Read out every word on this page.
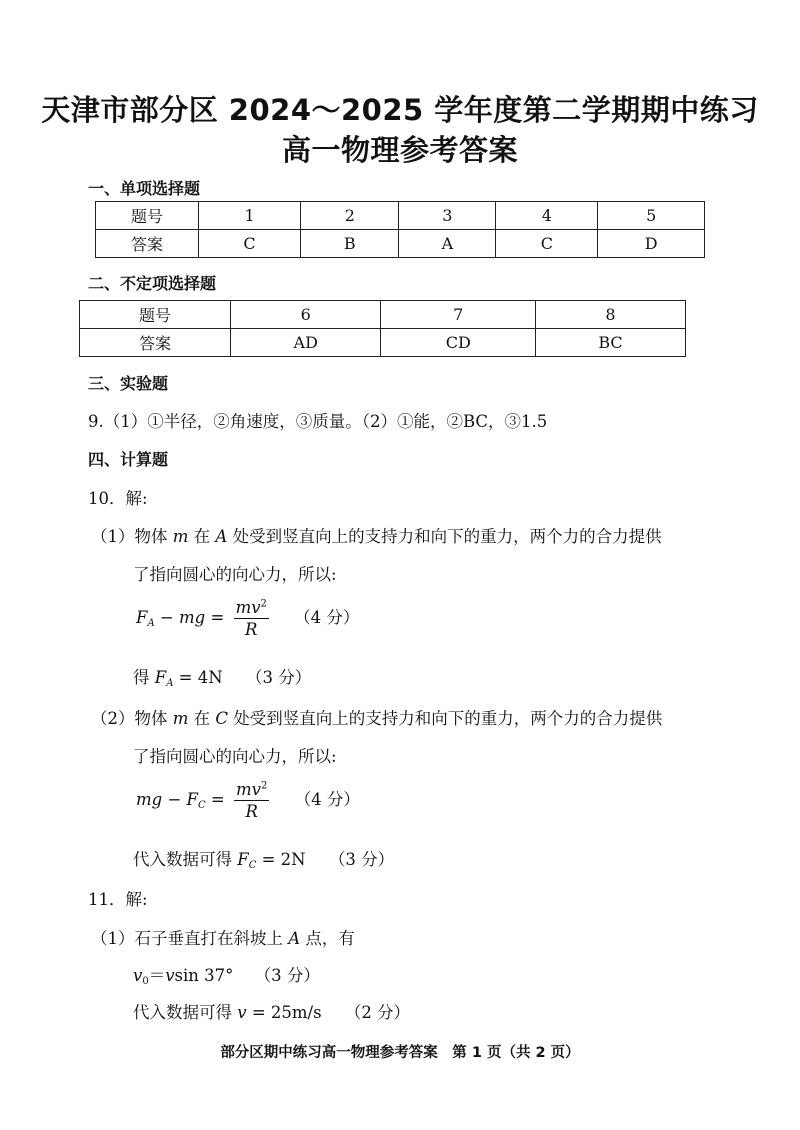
天津市部分区 2024～2025 学年度第二学期期中练习
高一物理参考答案
一、单项选择题
题号	1	2	3	4	5
答案	C	B	A	C	D
二、不定项选择题
题号	6	7	8
答案	AD	CD	BC
三、实验题
9.（1）①半径，②角速度，③质量。（2）①能，②BC，③1.5
四、计算题
10．解:
（1）物体 m 在 A 处受到竖直向上的支持力和向下的重力，两个力的合力提供
了指向圆心的向心力，所以:
$F_A$ − mg = $\frac{mv^2}{R} (4$ 分）
得 $F_A = 4N$ （3 分）
（2）物体 m 在 C 处受到竖直向上的支持力和向下的重力，两个力的合力提供
了指向圆心的向心力，所以:
mg − $F_C = \frac{mv^2}{R} (4$ 分）
代入数据可得 $F_C = 2N$ （3 分）
11．解:
（1）石子垂直打在斜坡上 A 点，有
$v_0=vsin$ 37° （3 分）
代入数据可得 v = 25m/s （2 分）
部分区期中练习高一物理参考答案　第 1 页（共 2 页）
